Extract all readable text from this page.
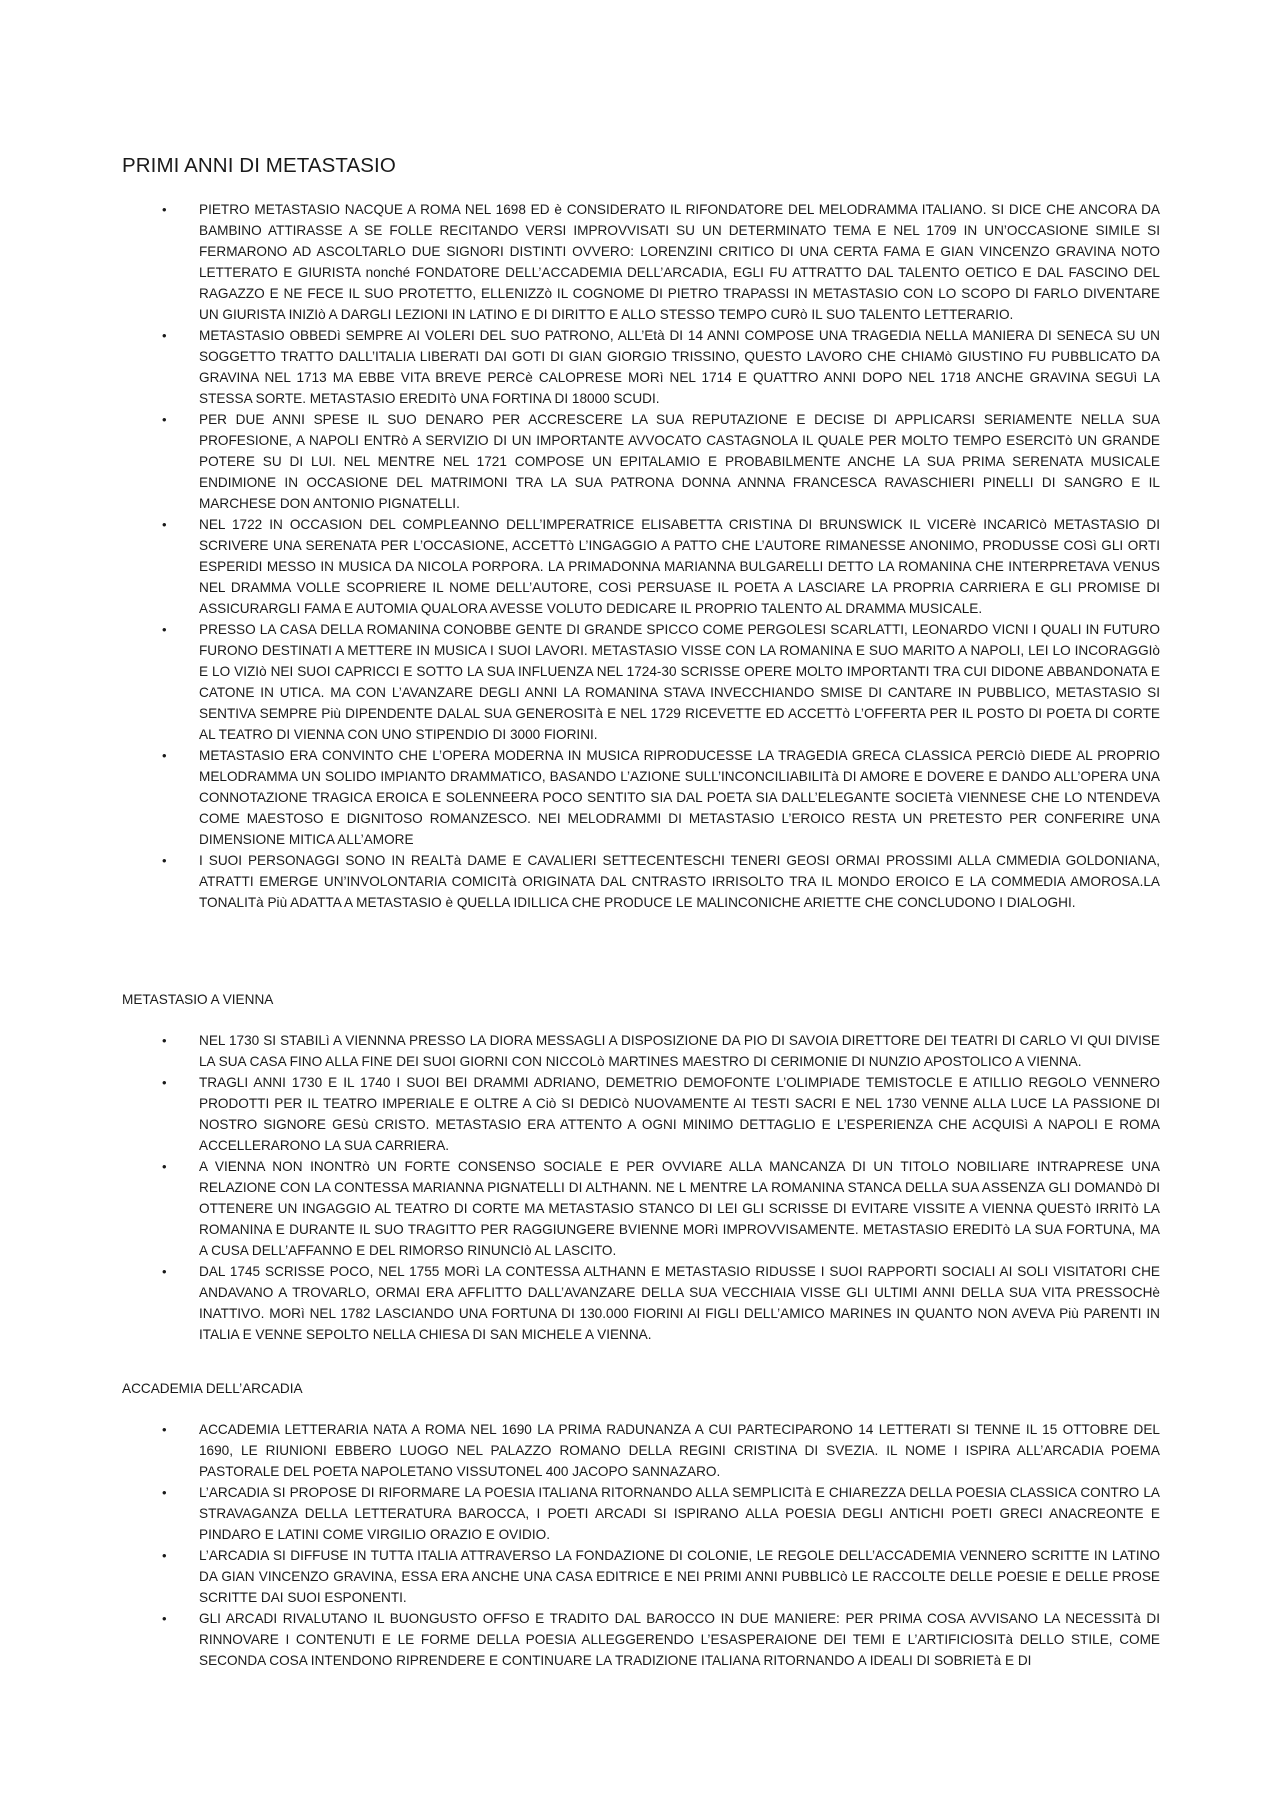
PRIMI ANNI DI METASTASIO
• PIETRO METASTASIO NACQUE A ROMA NEL 1698 ED è CONSIDERATO IL RIFONDATORE DEL MELODRAMMA ITALIANO. SI DICE CHE ANCORA DA BAMBINO ATTIRASSE A SE FOLLE RECITANDO VERSI IMPROVVISATI SU UN DETERMINATO TEMA E NEL 1709 IN UN’OCCASIONE SIMILE SI FERMARONO AD ASCOLTARLO DUE SIGNORI DISTINTI OVVERO: LORENZINI CRITICO DI UNA CERTA FAMA E GIAN VINCENZO GRAVINA NOTO LETTERATO E GIURISTA nonché FONDATORE DELL’ACCADEMIA DELL’ARCADIA, EGLI FU ATTRATTO DAL TALENTO OETICO E DAL FASCINO DEL RAGAZZO E NE FECE IL SUO PROTETTO, ELLENIZZò IL COGNOME DI PIETRO TRAPASSI IN METASTASIO CON LO SCOPO DI FARLO DIVENTARE UN GIURISTA INIZIò A DARGLI LEZIONI IN LATINO E DI DIRITTO E ALLO STESSO TEMPO CURò IL SUO TALENTO LETTERARIO.
• METASTASIO OBBEDì SEMPRE AI VOLERI DEL SUO PATRONO, ALL’Età DI 14 ANNI COMPOSE UNA TRAGEDIA NELLA MANIERA DI SENECA SU UN SOGGETTO TRATTO DALL’ITALIA LIBERATI DAI GOTI DI GIAN GIORGIO TRISSINO, QUESTO LAVORO CHE CHIAMò GIUSTINO FU PUBBLICATO DA GRAVINA NEL 1713 MA EBBE VITA BREVE PERCè CALOPRESE MORì NEL 1714 E QUATTRO ANNI DOPO NEL 1718 ANCHE GRAVINA SEGUì LA STESSA SORTE. METASTASIO EREDITò UNA FORTINA DI 18000 SCUDI.
• PER DUE ANNI SPESE IL SUO DENARO PER ACCRESCERE LA SUA REPUTAZIONE E DECISE DI APPLICARSI SERIAMENTE NELLA SUA PROFESIONE, A NAPOLI ENTRò A SERVIZIO DI UN IMPORTANTE AVVOCATO CASTAGNOLA IL QUALE PER MOLTO TEMPO ESERCITò UN GRANDE POTERE SU DI LUI. NEL MENTRE NEL 1721 COMPOSE UN EPITALAMIO E PROBABILMENTE ANCHE LA SUA PRIMA SERENATA MUSICALE ENDIMIONE IN OCCASIONE DEL MATRIMONI TRA LA SUA PATRONA DONNA ANNNA FRANCESCA RAVASCHIERI PINELLI DI SANGRO E IL MARCHESE DON ANTONIO PIGNATELLI.
• NEL 1722 IN OCCASION DEL COMPLEANNO DELL’IMPERATRICE ELISABETTA CRISTINA DI BRUNSWICK IL VICERè INCARICò METASTASIO DI SCRIVERE UNA SERENATA PER L’OCCASIONE, ACCETTò L’INGAGGIO A PATTO CHE L’AUTORE RIMANESSE ANONIMO, PRODUSSE COSì GLI ORTI ESPERIDI MESSO IN MUSICA DA NICOLA PORPORA. LA PRIMADONNA MARIANNA BULGARELLI DETTO LA ROMANINA CHE INTERPRETAVA VENUS NEL DRAMMA VOLLE SCOPRIERE IL NOME DELL’AUTORE, COSì PERSUASE IL POETA A LASCIARE LA PROPRIA CARRIERA E GLI PROMISE DI ASSICURARGLI FAMA E AUTOMIA QUALORA AVESSE VOLUTO DEDICARE IL PROPRIO TALENTO AL DRAMMA MUSICALE.
• PRESSO LA CASA DELLA ROMANINA CONOBBE GENTE DI GRANDE SPICCO COME PERGOLESI SCARLATTI, LEONARDO VICNI I QUALI IN FUTURO FURONO DESTINATI A METTERE IN MUSICA I SUOI LAVORI. METASTASIO VISSE CON LA ROMANINA E SUO MARITO A NAPOLI, LEI LO INCORAGGIò E LO VIZIò NEI SUOI CAPRICCI E SOTTO LA SUA INFLUENZA NEL 1724-30 SCRISSE OPERE MOLTO IMPORTANTI TRA CUI DIDONE ABBANDONATA E CATONE IN UTICA. MA CON L’AVANZARE DEGLI ANNI LA ROMANINA STAVA INVECCHIANDO SMISE DI CANTARE IN PUBBLICO, METASTASIO SI SENTIVA SEMPRE Più DIPENDENTE DALAL SUA GENEROSITà E NEL 1729 RICEVETTE ED ACCETTò L’OFFERTA PER IL POSTO DI POETA DI CORTE AL TEATRO DI VIENNA CON UNO STIPENDIO DI 3000 FIORINI.
• METASTASIO ERA CONVINTO CHE L’OPERA MODERNA IN MUSICA RIPRODUCESSE LA TRAGEDIA GRECA CLASSICA PERCIò DIEDE AL PROPRIO MELODRAMMA UN SOLIDO IMPIANTO DRAMMATICO, BASANDO L’AZIONE SULL’INCONCILIABILITà DI AMORE E DOVERE E DANDO ALL’OPERA UNA CONNOTAZIONE TRAGICA EROICA E SOLENNEERA POCO SENTITO SIA DAL POETA SIA DALL’ELEGANTE SOCIETà VIENNESE CHE LO NTENDEVA COME MAESTOSO E DIGNITOSO ROMANZESCO. NEI MELODRAMMI DI METASTASIO L’EROICO RESTA UN PRETESTO PER CONFERIRE UNA DIMENSIONE MITICA ALL’AMORE
• I SUOI PERSONAGGI SONO IN REALTà DAME E CAVALIERI SETTECENTESCHI TENERI GEOSI ORMAI PROSSIMI ALLA CMMEDIA GOLDONIANA, ATRATTI EMERGE UN’INVOLONTARIA COMICITà ORIGINATA DAL CNTRASTO IRRISOLTO TRA IL MONDO EROICO E LA COMMEDIA AMOROSA.LA TONALITà Più ADATTA A METASTASIO è QUELLA IDILLICA CHE PRODUCE LE MALINCONICHE ARIETTE CHE CONCLUDONO I DIALOGHI.
METASTASIO A VIENNA
• NEL 1730 SI STABILì A VIENNNA PRESSO LA DIORA MESSAGLI A DISPOSIZIONE DA PIO DI SAVOIA DIRETTORE DEI TEATRI DI CARLO VI QUI DIVISE LA SUA CASA FINO ALLA FINE DEI SUOI GIORNI CON NICCOLò MARTINES MAESTRO DI CERIMONIE DI NUNZIO APOSTOLICO A VIENNA.
• TRAGLI ANNI 1730 E IL 1740 I SUOI BEI DRAMMI ADRIANO, DEMETRIO DEMOFONTE L’OLIMPIADE TEMISTOCLE E ATILLIO REGOLO VENNERO PRODOTTI PER IL TEATRO IMPERIALE E OLTRE A Ciò SI DEDICò NUOVAMENTE AI TESTI SACRI E NEL 1730 VENNE ALLA LUCE LA PASSIONE DI NOSTRO SIGNORE GESù CRISTO. METASTASIO ERA ATTENTO A OGNI MINIMO DETTAGLIO E L’ESPERIENZA CHE ACQUISì A NAPOLI E ROMA ACCELLERARONO LA SUA CARRIERA.
• A VIENNA NON INONTRò UN FORTE CONSENSO SOCIALE E PER OVVIARE ALLA MANCANZA DI UN TITOLO NOBILIARE INTRAPRESE UNA RELAZIONE CON LA CONTESSA MARIANNA PIGNATELLI DI ALTHANN. NE L MENTRE LA ROMANINA STANCA DELLA SUA ASSENZA GLI DOMANDò DI OTTENERE UN INGAGGIO AL TEATRO DI CORTE MA METASTASIO STANCO DI LEI GLI SCRISSE DI EVITARE VISSITE A VIENNA QUESTò IRRITò LA ROMANINA E DURANTE IL SUO TRAGITTO PER RAGGIUNGERE BVIENNE MORì IMPROVVISAMENTE. METASTASIO EREDITò LA SUA FORTUNA, MA A CUSA DELL’AFFANNO E DEL RIMORSO RINUNCIò AL LASCITO.
• DAL 1745 SCRISSE POCO, NEL 1755 MORì LA CONTESSA ALTHANN E METASTASIO RIDUSSE I SUOI RAPPORTI SOCIALI AI SOLI VISITATORI CHE ANDAVANO A TROVARLO, ORMAI ERA AFFLITTO DALL’AVANZARE DELLA SUA VECCHIAIA VISSE GLI ULTIMI ANNI DELLA SUA VITA PRESSOCHè INATTIVO. MORì NEL 1782 LASCIANDO UNA FORTUNA DI 130.000 FIORINI AI FIGLI DELL’AMICO MARINES IN QUANTO NON AVEVA Più PARENTI IN ITALIA E VENNE SEPOLTO NELLA CHIESA DI SAN MICHELE A VIENNA.
ACCADEMIA DELL’ARCADIA
• ACCADEMIA LETTERARIA NATA A ROMA NEL 1690 LA PRIMA RADUNANZA A CUI PARTECIPARONO 14 LETTERATI SI TENNE IL 15 OTTOBRE DEL 1690, LE RIUNIONI EBBERO LUOGO NEL PALAZZO ROMANO DELLA REGINI CRISTINA DI SVEZIA. IL NOME I ISPIRA ALL’ARCADIA POEMA PASTORALE DEL POETA NAPOLETANO VISSUTONEL 400 JACOPO SANNAZARO.
• L’ARCADIA SI PROPOSE DI RIFORMARE LA POESIA ITALIANA RITORNANDO ALLA SEMPLICITà E CHIAREZZA DELLA POESIA CLASSICA CONTRO LA STRAVAGANZA DELLA LETTERATURA BAROCCA, I POETI ARCADI SI ISPIRANO ALLA POESIA DEGLI ANTICHI POETI GRECI ANACREONTE E PINDARO E LATINI COME VIRGILIO ORAZIO E OVIDIO.
• L’ARCADIA SI DIFFUSE IN TUTTA ITALIA ATTRAVERSO LA FONDAZIONE DI COLONIE, LE REGOLE DELL’ACCADEMIA VENNERO SCRITTE IN LATINO DA GIAN VINCENZO GRAVINA, ESSA ERA ANCHE UNA CASA EDITRICE E NEI PRIMI ANNI PUBBLICò LE RACCOLTE DELLE POESIE E DELLE PROSE SCRITTE DAI SUOI ESPONENTI.
• GLI ARCADI RIVALUTANO IL BUONGUSTO OFFSO E TRADITO DAL BAROCCO IN DUE MANIERE: PER PRIMA COSA AVVISANO LA NECESSITà DI RINNOVARE I CONTENUTI E LE FORME DELLA POESIA ALLEGGERENDO L’ESASPERAIONE DEI TEMI E L’ARTIFICIOSITà DELLO STILE, COME SECONDA COSA INTENDONO RIPRENDERE E CONTINUARE LA TRADIZIONE ITALIANA RITORNANDO A IDEALI DI SOBRIETà E DI
